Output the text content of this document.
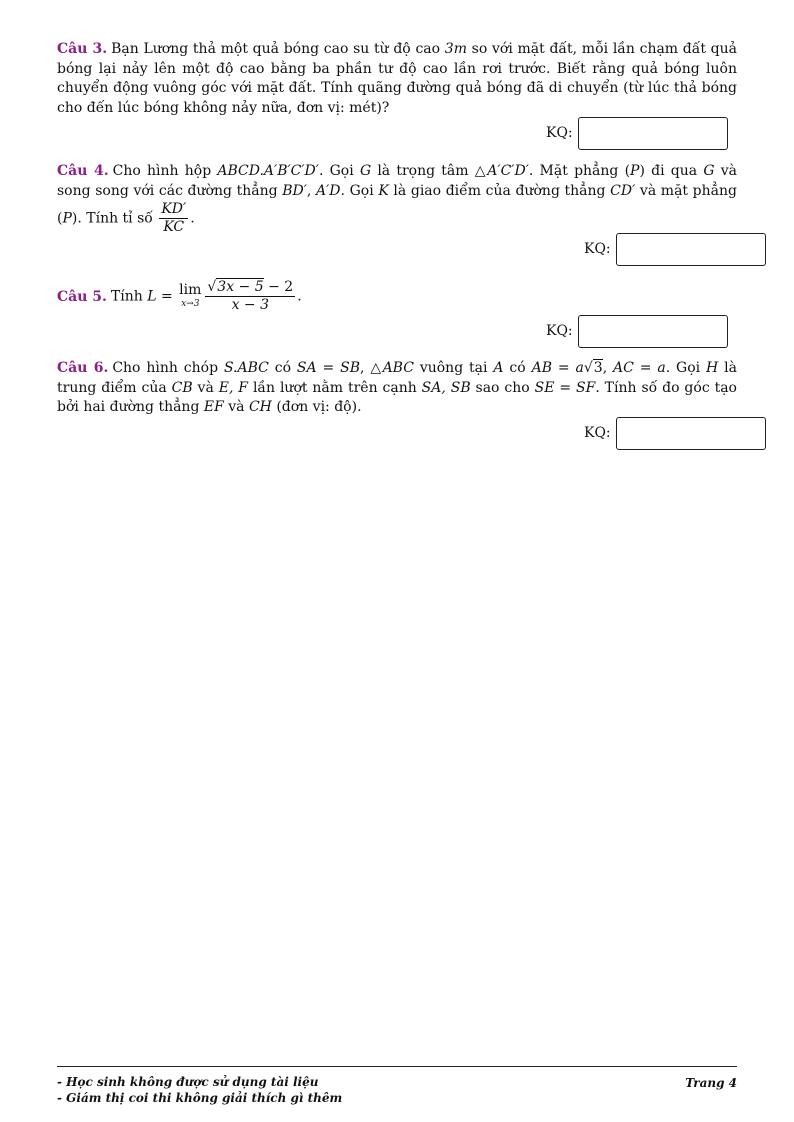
Câu 3. Bạn Lương thả một quả bóng cao su từ độ cao 3m so với mặt đất, mỗi lần chạm đất quả bóng lại nảy lên một độ cao bằng ba phần tư độ cao lần rơi trước. Biết rằng quả bóng luôn chuyển động vuông góc với mặt đất. Tính quãng đường quả bóng đã di chuyển (từ lúc thả bóng cho đến lúc bóng không nảy nữa, đơn vị: mét)?
KQ:
Câu 4. Cho hình hộp ABCD.A′B′C′D′. Gọi G là trọng tâm △A′C′D′. Mặt phẳng (P) đi qua G và song song với các đường thẳng BD′, A′D. Gọi K là giao điểm của đường thẳng CD′ và mặt phẳng (P). Tính tỉ số $\frac{KD'}{KC}$ .
KQ:
Câu 5. Tính L = lim
$x\to 3 \frac{√3x - 5 - 2}{x - 3}$ .
KQ:
Câu 6. Cho hình chóp S.ABC có SA = SB, △ABC vuông tại A có AB = a√3, AC = a. Gọi H là trung điểm của CB và E, F lần lượt nằm trên cạnh SA, SB sao cho SE = SF. Tính số đo góc tạo bởi hai đường thẳng EF và CH (đơn vị: độ).
KQ:
- Học sinh không được sử dụng tài liệu
- Giám thị coi thi không giải thích gì thêm
Trang 4
